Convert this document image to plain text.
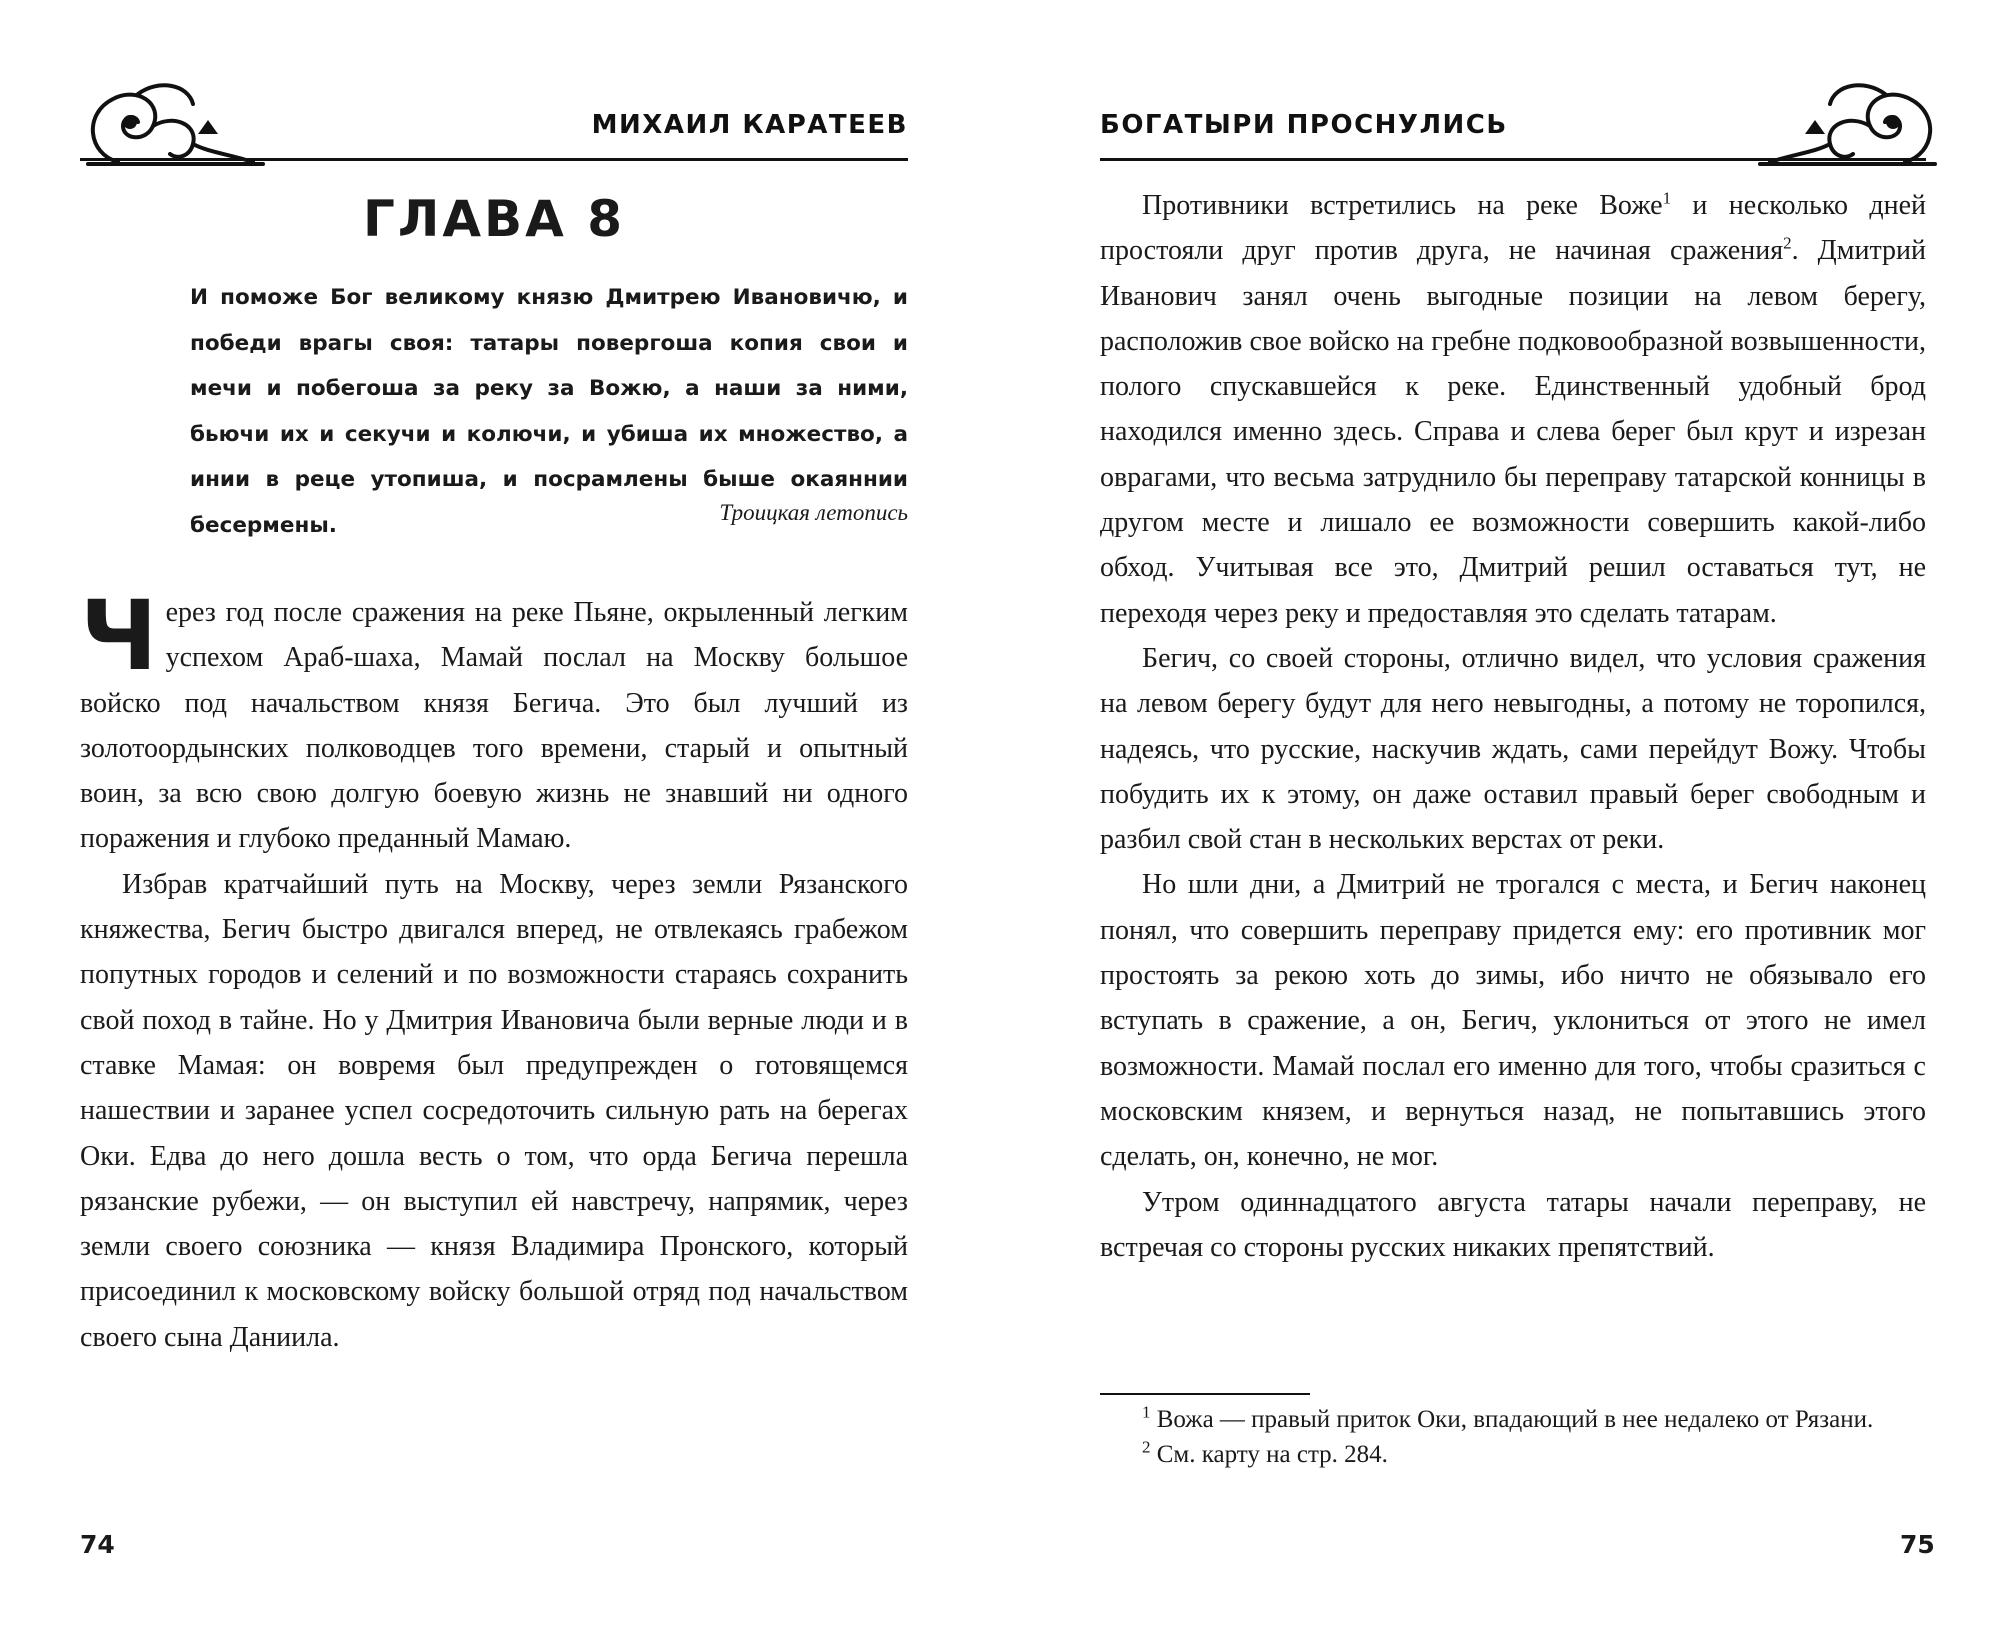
МИХАИЛ КАРАТЕЕВ
ГЛАВА 8
И поможе Бог великому князю Дмитрею Ивановичю, и победи врагы своя: татары повергоша копия свои и мечи и побегоша за реку за Вожю, а наши за ними, бьючи их и секучи и колючи, и убиша их множество, а инии в реце утопиша, и посрамлены быше окаяннии бесермены.	Троицкая летопись

Через год после сражения на реке Пьяне, окрыленный легким успехом Араб-шаха, Мамай послал на Москву большое войско под начальством князя Бегича. Это был лучший из золотоордынских полководцев того времени, старый и опытный воин, за всю свою долгую боевую жизнь не знавший ни одного поражения и глубоко преданный Мамаю.

Избрав кратчайший путь на Москву, через земли Рязанского княжества, Бегич быстро двигался вперед, не отвлекаясь грабежом попутных городов и селений и по возможности стараясь сохранить свой поход в тайне. Но у Дмитрия Ивановича были верные люди и в ставке Мамая: он вовремя был предупрежден о готовящемся нашествии и заранее успел сосредоточить сильную рать на берегах Оки. Едва до него дошла весть о том, что орда Бегича перешла рязанские рубежи, — он выступил ей навстречу, напрямик, через земли своего союзника — князя Владимира Пронского, который присоединил к московскому войску большой отряд под начальством своего сына Даниила.

74
БОГАТЫРИ ПРОСНУЛИСЬ

Противники встретились на реке Воже$^1$ и несколько дней простояли друг против друга, не начиная сражения$^2$. Дмитрий Иванович занял очень выгодные позиции на левом берегу, расположив свое войско на гребне подковообразной возвышенности, полого спускавшейся к реке. Единственный удобный брод находился именно здесь. Справа и слева берег был крут и изрезан оврагами, что весьма затруднило бы переправу татарской конницы в другом месте и лишало ее возможности совершить какой-либо обход. Учитывая все это, Дмитрий решил оставаться тут, не переходя через реку и предоставляя это сделать татарам.

Бегич, со своей стороны, отлично видел, что условия сражения на левом берегу будут для него невыгодны, а потому не торопился, надеясь, что русские, наскучив ждать, сами перейдут Вожу. Чтобы побудить их к этому, он даже оставил правый берег свободным и разбил свой стан в нескольких верстах от реки.

Но шли дни, а Дмитрий не трогался с места, и Бегич наконец понял, что совершить переправу придется ему: его противник мог простоять за рекою хоть до зимы, ибо ничто не обязывало его вступать в сражение, а он, Бегич, уклониться от этого не имел возможности. Мамай послал его именно для того, чтобы сразиться с московским князем, и вернуться назад, не попытавшись этого сделать, он, конечно, не мог.

Утром одиннадцатого августа татары начали переправу, не встречая со стороны русских никаких препятствий.

$^1$ Вожа — правый приток Оки, впадающий в нее недалеко от Рязани.
$^2$ См. карту на стр. 284.
75
